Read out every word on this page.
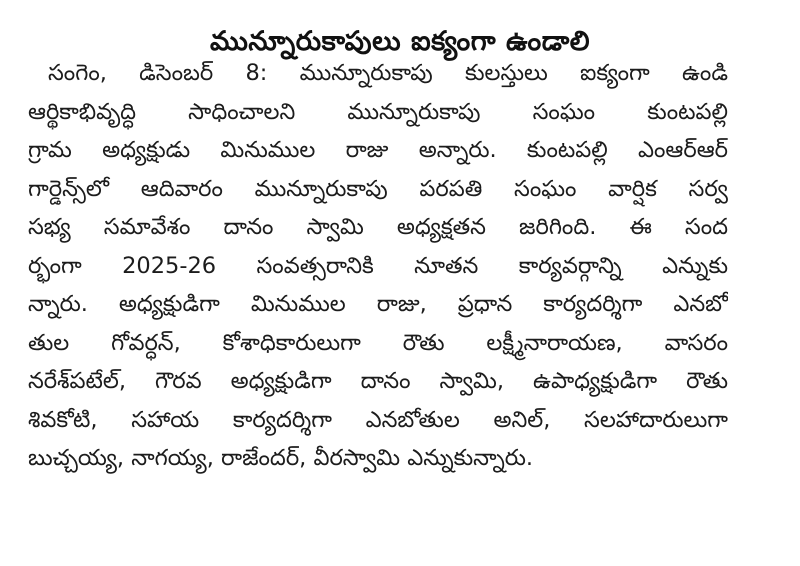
మున్నూరుకాపులు ఐక్యంగా ఉండాలి
సంగెం, డిసెంబర్ 8: మున్నూరుకాపు కులస్తులు ఐక్యంగా ఉండి
ఆర్థికాభివృద్ధి సాధించాలని మున్నూరుకాపు సంఘం కుంటపల్లి
గ్రామ అధ్యక్షుడు మినుముల రాజు అన్నారు. కుంటపల్లి ఎంఆర్ఆర్
గార్డెన్స్‌లో ఆదివారం మున్నూరుకాపు పరపతి సంఘం వార్షిక సర్వ
సభ్య సమావేశం దానం స్వామి అధ్యక్షతన జరిగింది. ఈ సంద
ర్భంగా 2025-26 సంవత్సరానికి నూతన కార్యవర్గాన్ని ఎన్నుకు
న్నారు. అధ్యక్షుడిగా మినుముల రాజు, ప్రధాన కార్యదర్శిగా ఎనబో
తుల గోవర్ధన్, కోశాధికారులుగా రౌతు లక్ష్మీనారాయణ, వాసరం
నరేశ్‌పటేల్, గౌరవ అధ్యక్షుడిగా దానం స్వామి, ఉపాధ్యక్షుడిగా రౌతు
శివకోటి, సహాయ కార్యదర్శిగా ఎనబోతుల అనిల్, సలహాదారులుగా
బుచ్చయ్య, నాగయ్య, రాజేందర్, వీరస్వామి ఎన్నుకున్నారు.
